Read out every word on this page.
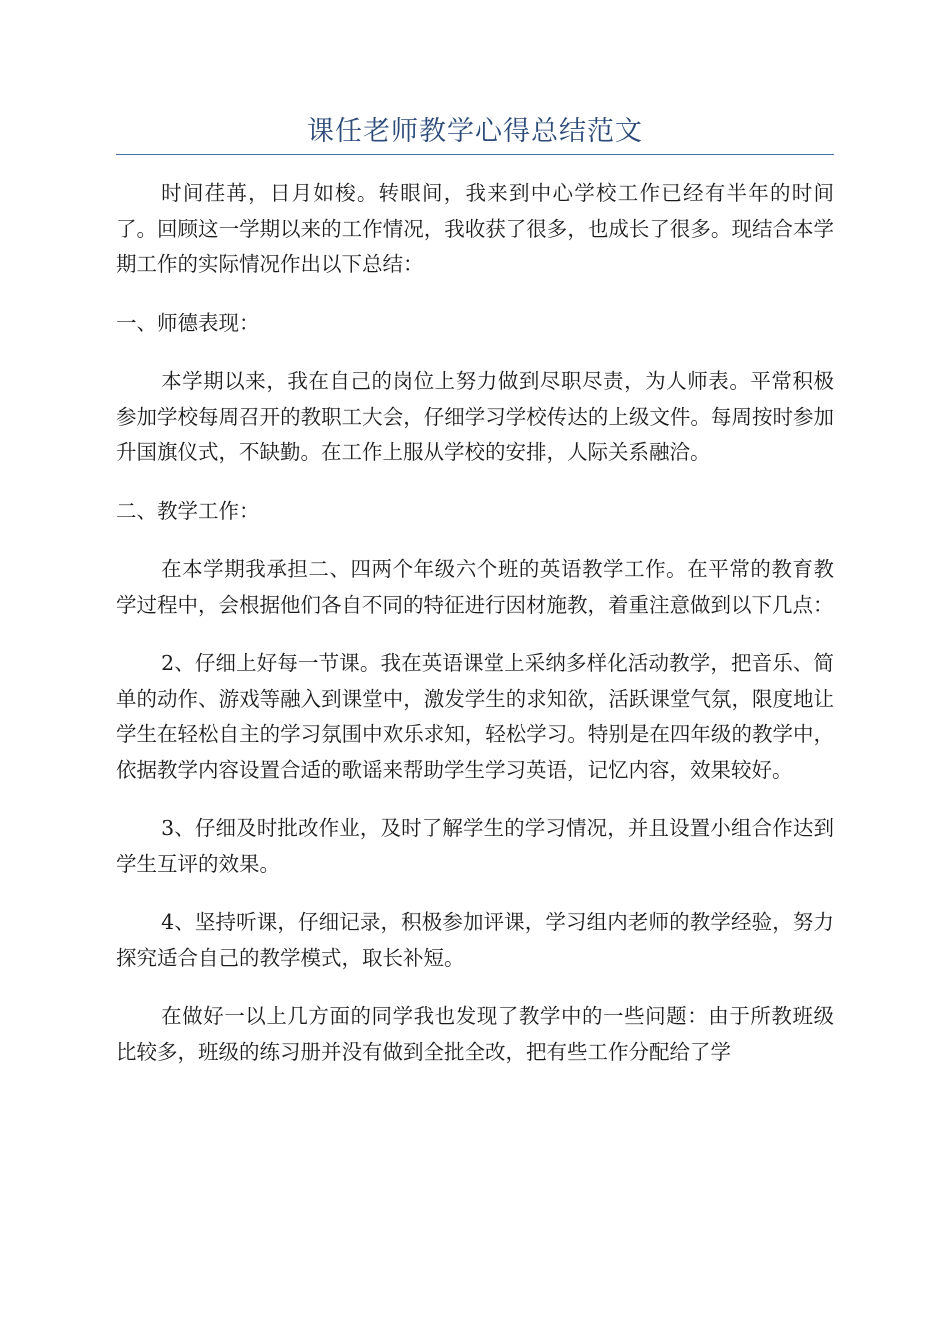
课任老师教学心得总结范文

时间荏苒，日月如梭。转眼间，我来到中心学校工作已经有半年的时间了。回顾这一学期以来的工作情况，我收获了很多，也成长了很多。现结合本学期工作的实际情况作出以下总结：

一、师德表现：

本学期以来，我在自己的岗位上努力做到尽职尽责，为人师表。平常积极参加学校每周召开的教职工大会，仔细学习学校传达的上级文件。每周按时参加升国旗仪式，不缺勤。在工作上服从学校的安排，人际关系融洽。

二、教学工作：

在本学期我承担二、四两个年级六个班的英语教学工作。在平常的教育教学过程中，会根据他们各自不同的特征进行因材施教，着重注意做到以下几点：

2、仔细上好每一节课。我在英语课堂上采纳多样化活动教学，把音乐、简单的动作、游戏等融入到课堂中，激发学生的求知欲，活跃课堂气氛，限度地让学生在轻松自主的学习氛围中欢乐求知，轻松学习。特别是在四年级的教学中，依据教学内容设置合适的歌谣来帮助学生学习英语，记忆内容，效果较好。

3、仔细及时批改作业，及时了解学生的学习情况，并且设置小组合作达到学生互评的效果。

4、坚持听课，仔细记录，积极参加评课，学习组内老师的教学经验，努力探究适合自己的教学模式，取长补短。

在做好一以上几方面的同学我也发现了教学中的一些问题：由于所教班级比较多，班级的练习册并没有做到全批全改，把有些工作分配给了学
